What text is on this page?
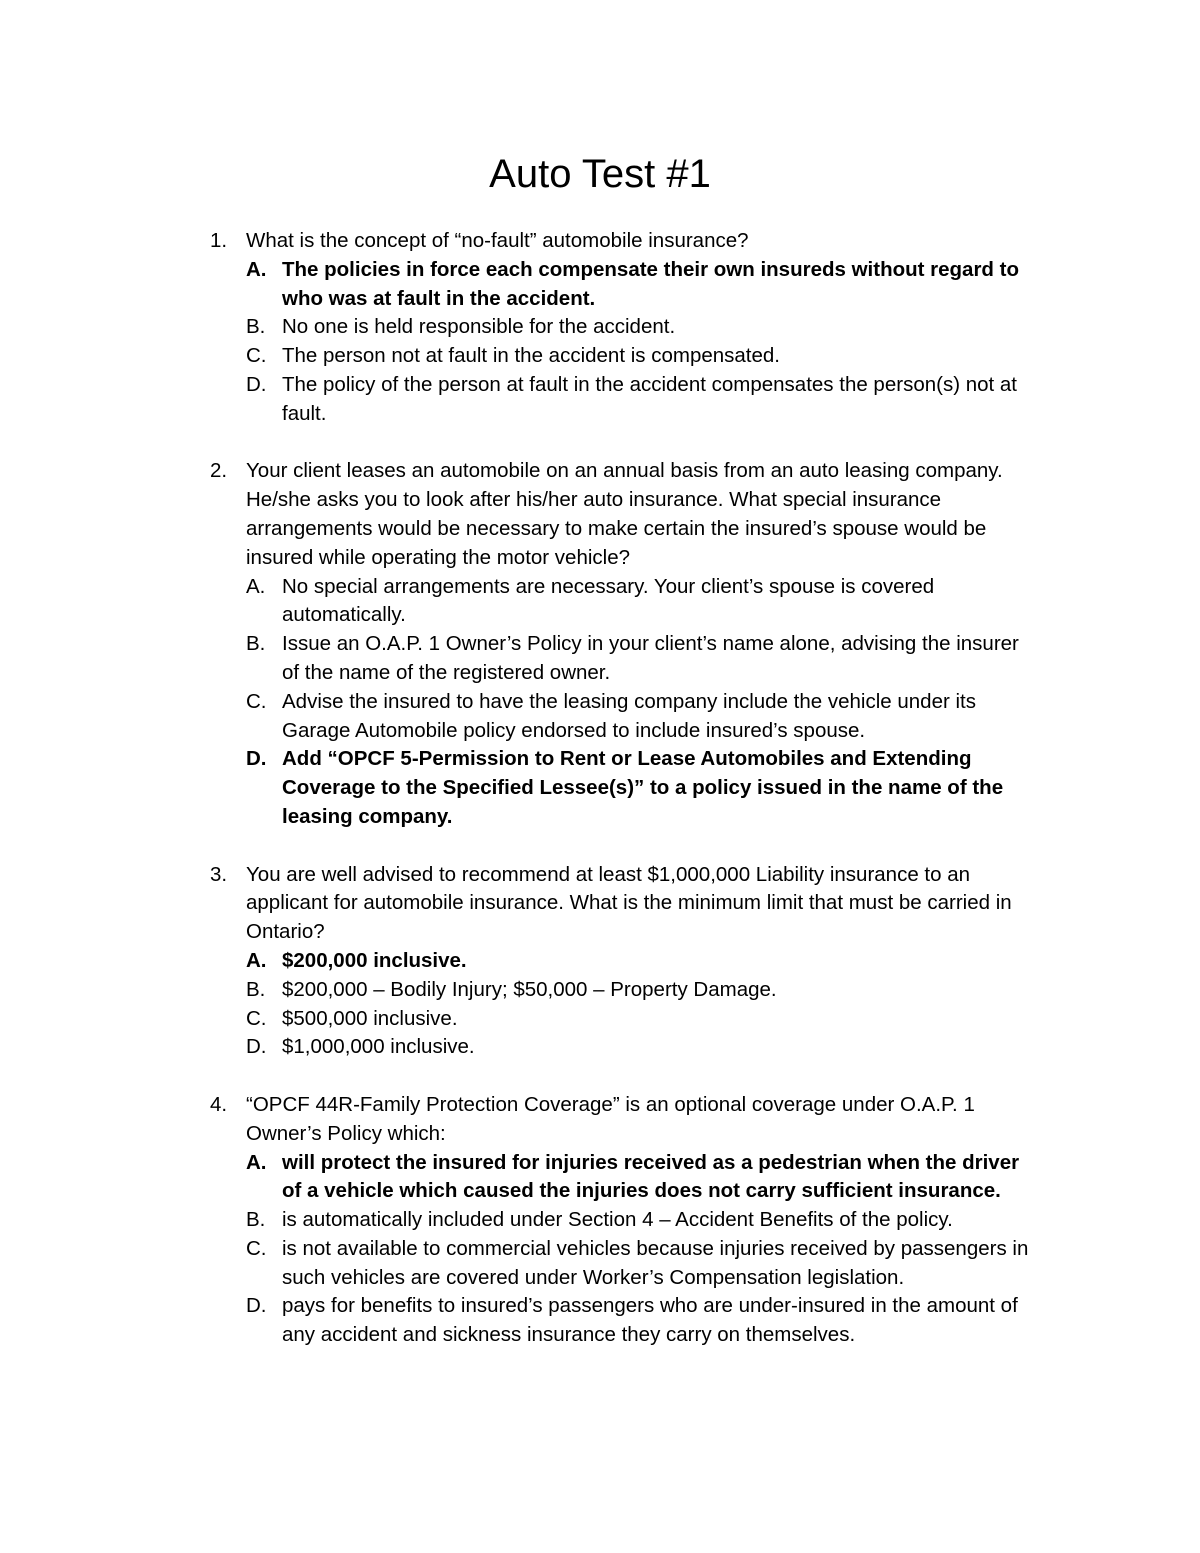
Auto Test #1
1. What is the concept of “no-fault” automobile insurance?
A. The policies in force each compensate their own insureds without regard to who was at fault in the accident.
B. No one is held responsible for the accident.
C. The person not at fault in the accident is compensated.
D. The policy of the person at fault in the accident compensates the person(s) not at fault.
2. Your client leases an automobile on an annual basis from an auto leasing company. He/she asks you to look after his/her auto insurance. What special insurance arrangements would be necessary to make certain the insured’s spouse would be insured while operating the motor vehicle?
A. No special arrangements are necessary. Your client’s spouse is covered automatically.
B. Issue an O.A.P. 1 Owner’s Policy in your client’s name alone, advising the insurer of the name of the registered owner.
C. Advise the insured to have the leasing company include the vehicle under its Garage Automobile policy endorsed to include insured’s spouse.
D. Add “OPCF 5-Permission to Rent or Lease Automobiles and Extending Coverage to the Specified Lessee(s)” to a policy issued in the name of the leasing company.
3. You are well advised to recommend at least $1,000,000 Liability insurance to an applicant for automobile insurance. What is the minimum limit that must be carried in Ontario?
A. $200,000 inclusive.
B. $200,000 – Bodily Injury; $50,000 – Property Damage.
C. $500,000 inclusive.
D. $1,000,000 inclusive.
4. “OPCF 44R-Family Protection Coverage” is an optional coverage under O.A.P. 1 Owner’s Policy which:
A. will protect the insured for injuries received as a pedestrian when the driver of a vehicle which caused the injuries does not carry sufficient insurance.
B. is automatically included under Section 4 – Accident Benefits of the policy.
C. is not available to commercial vehicles because injuries received by passengers in such vehicles are covered under Worker’s Compensation legislation.
D. pays for benefits to insured’s passengers who are under-insured in the amount of any accident and sickness insurance they carry on themselves.
